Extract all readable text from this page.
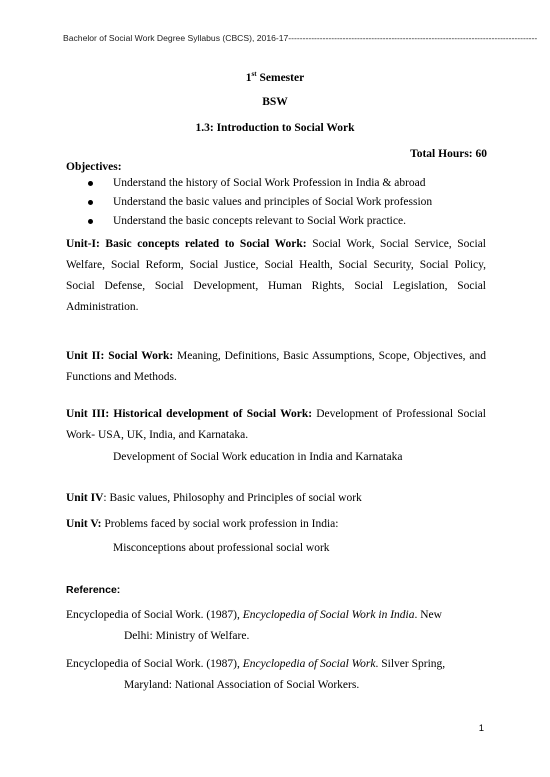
Bachelor of Social Work Degree Syllabus (CBCS), 2016-17---------------------------------------------------------------------------------------
1st Semester
BSW
1.3: Introduction to Social Work
Total Hours: 60
Objectives:
Understand the history of Social Work Profession in India & abroad
Understand the basic values and principles of Social Work profession
Understand the basic concepts relevant to Social Work practice.
Unit-I: Basic concepts related to Social Work: Social Work, Social Service, Social Welfare, Social Reform, Social Justice, Social Health, Social Security, Social Policy, Social Defense, Social Development, Human Rights, Social Legislation, Social Administration.
Unit II: Social Work: Meaning, Definitions, Basic Assumptions, Scope, Objectives, and Functions and Methods.
Unit III: Historical development of Social Work: Development of Professional Social Work- USA, UK, India, and Karnataka.
Development of Social Work education in India and Karnataka
Unit IV: Basic values, Philosophy and Principles of social work
Unit V: Problems faced by social work profession in India:
Misconceptions about professional social work
Reference:
Encyclopedia of Social Work. (1987), Encyclopedia of Social Work in India. New
Delhi: Ministry of Welfare.
Encyclopedia of Social Work. (1987), Encyclopedia of Social Work. Silver Spring,
Maryland: National Association of Social Workers.
1
